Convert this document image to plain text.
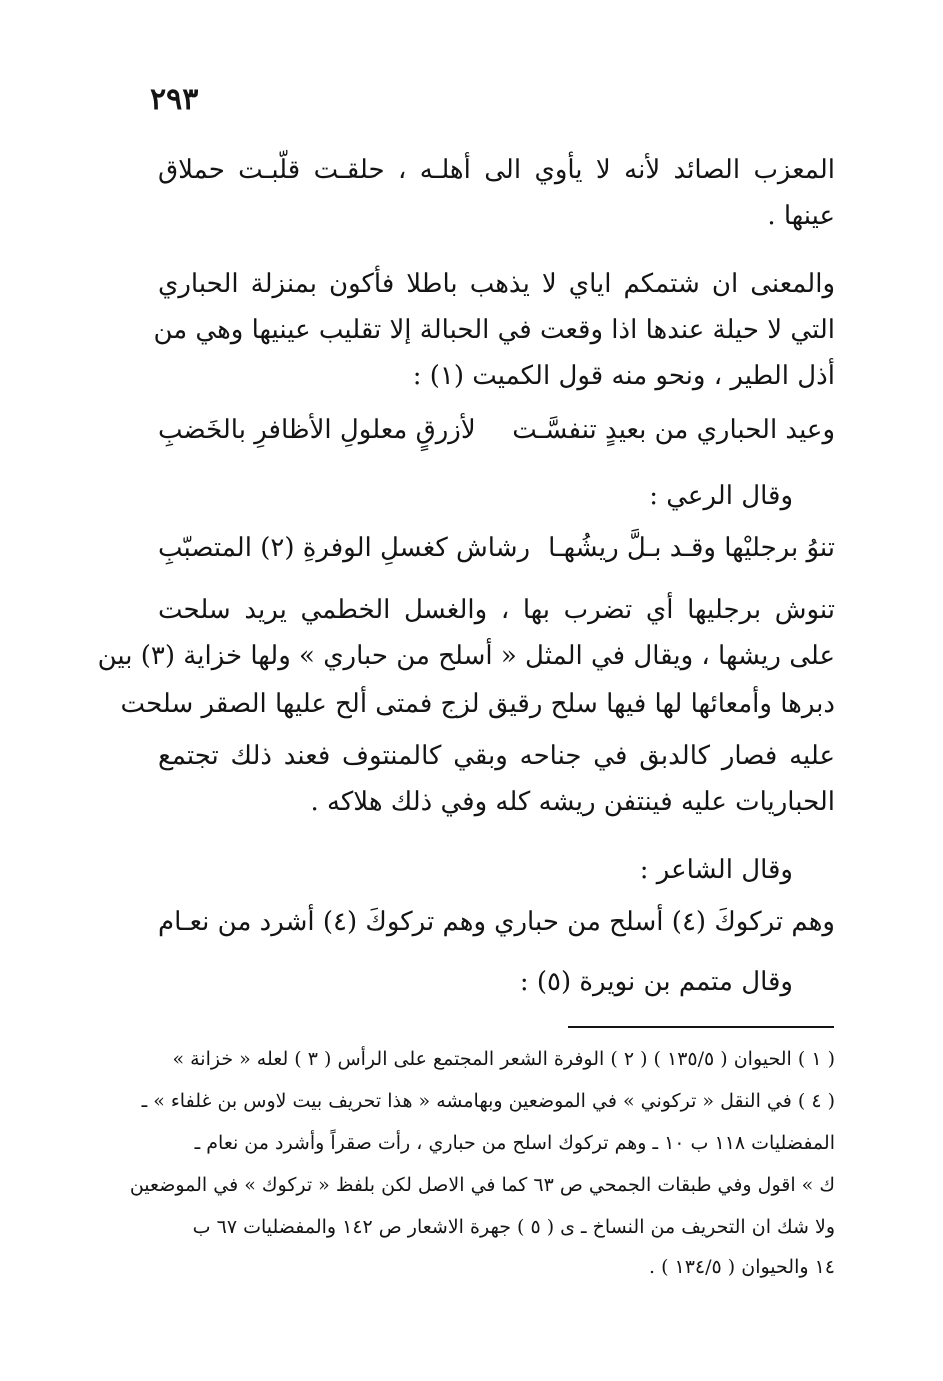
٢٩٣
المعزب الصائد لأنه لا يأوي الى أهلـه ، حلقـت قلّبـت حملاق
عينها .
والمعنى ان شتمكم اياي لا يذهب باطلا فأكون بمنزلة الحباري
التي لا حيلة عندها اذا وقعت في الحبالة إلا تقليب عينيها وهي من
أذل الطير ، ونحو منه قول الكميت (١) :
وعيد الحباري من بعيدٍ تنفسَّـت
لأزرقٍ معلولِ الأظافرِ بالخَضبِ
وقال الرعي :
تنوُ برجليْها وقـد بـلَّ ريشُهـا
رشاش كغسلِ الوفرةِ (٢) المتصبّبِ
تنوش برجليها أي تضرب بها ، والغسل الخطمي يريد سلحت
على ريشها ، ويقال في المثل « أسلح من حباري » ولها خزاية (٣) بين
دبرها وأمعائها لها فيها سلح رقيق لزج فمتى ألح عليها الصقر سلحت
عليه فصار كالدبق في جناحه وبقي كالمنتوف فعند ذلك تجتمع
الحباريات عليه فينتفن ريشه كله وفي ذلك هلاكه .
وقال الشاعر :
وهم تركوكَ (٤) أسلح من حباري
وهم تركوكَ (٤) أشرد من نعـام
وقال متمم بن نويرة (٥) :
( ١ ) الحيوان ( ١٣٥/٥ ) ( ٢ ) الوفرة الشعر المجتمع على الرأس ( ٣ ) لعله « خزانة »
( ٤ ) في النقل « تركوني » في الموضعين وبهامشه « هذا تحريف بيت لاوس بن غلفاء » ـ
المفضليات ١١٨ ب ١٠ ـ وهم تركوك اسلح من حباري ، رأت صقراً وأشرد من نعام ـ
ك » اقول وفي طبقات الجمحي ص ٦٣ كما في الاصل لكن بلفظ « تركوك » في الموضعين
ولا شك ان التحريف من النساخ ـ ى ( ٥ ) جهرة الاشعار ص ١٤٢ والمفضليات ٦٧ ب
١٤ والحيوان ( ١٣٤/٥ ) .
